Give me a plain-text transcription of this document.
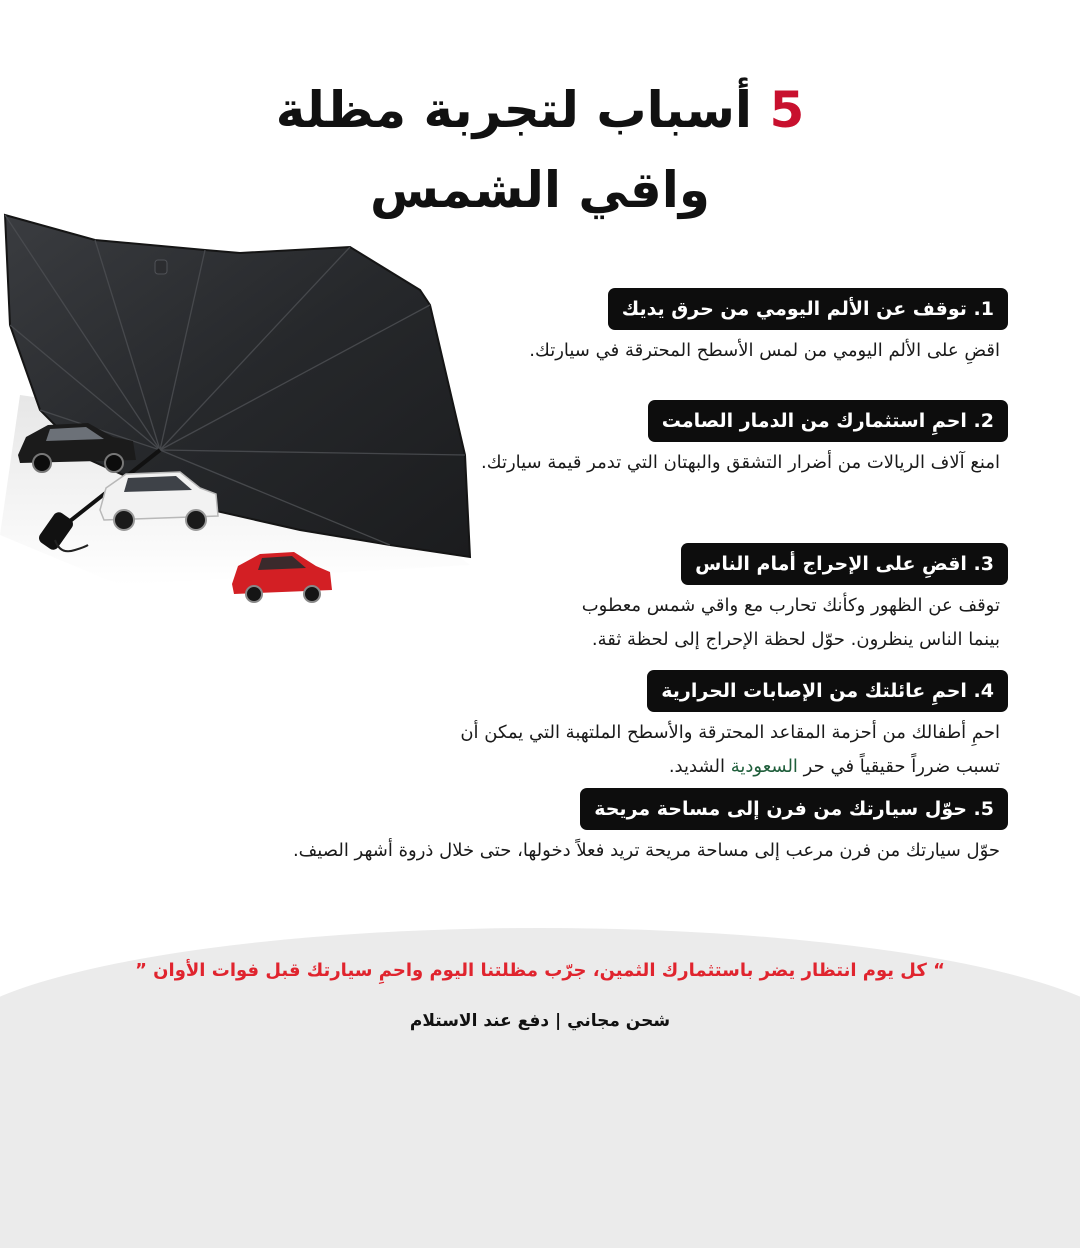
5 أسباب لتجربة مظلة
واقي الشمس
1. توقف عن الألم اليومي من حرق يديك
اقضِ على الألم اليومي من لمس الأسطح المحترقة في سيارتك.
2. احمِ استثمارك من الدمار الصامت
امنع آلاف الريالات من أضرار التشقق والبهتان التي تدمر قيمة سيارتك.
3. اقضِ على الإحراج أمام الناس
توقف عن الظهور وكأنك تحارب مع واقي شمس معطوب بينما الناس ينظرون. حوّل لحظة الإحراج إلى لحظة ثقة.
4. احمِ عائلتك من الإصابات الحرارية
احمِ أطفالك من أحزمة المقاعد المحترقة والأسطح الملتهبة التي يمكن أن تسبب ضرراً حقيقياً في حر السعودية الشديد.
5. حوّل سيارتك من فرن إلى مساحة مريحة
حوّل سيارتك من فرن مرعب إلى مساحة مريحة تريد فعلاً دخولها، حتى خلال ذروة أشهر الصيف.
“ كل يوم انتظار يضر باستثمارك الثمين، جرّب مظلتنا اليوم واحمِ سيارتك قبل فوات الأوان ”
شحن مجاني | دفع عند الاستلام
